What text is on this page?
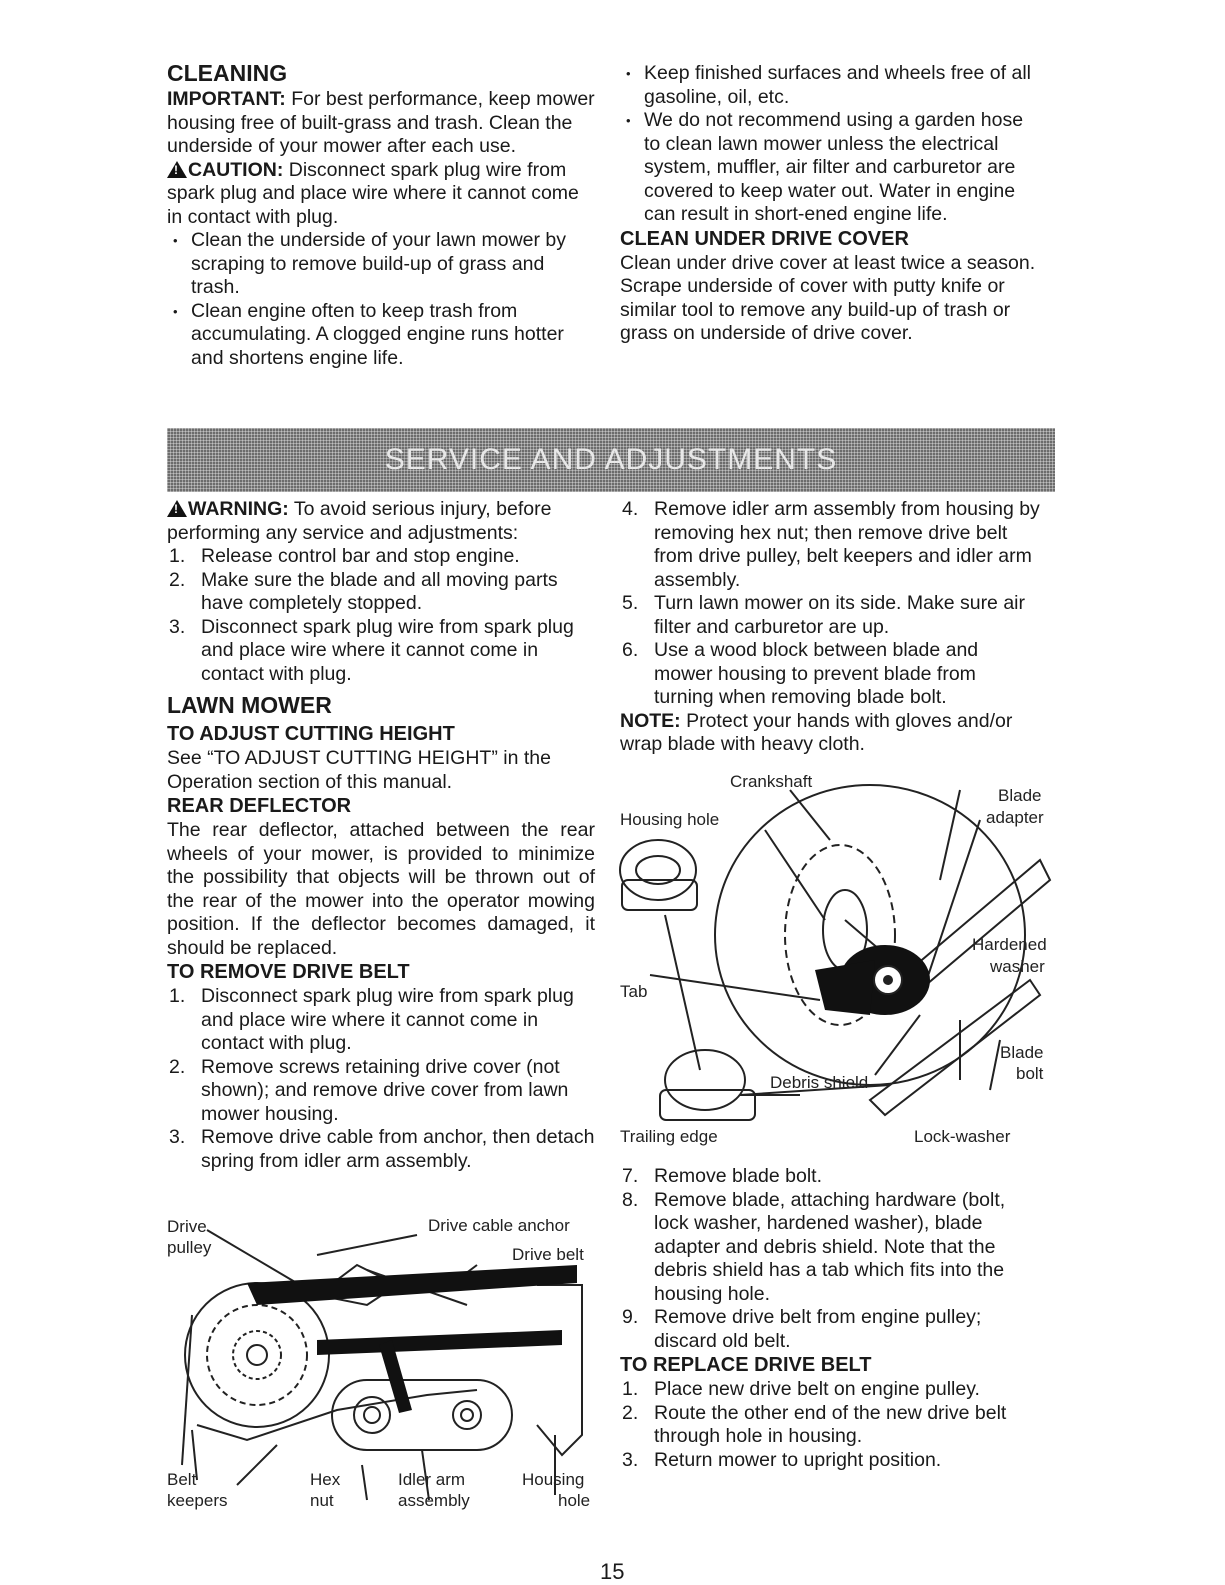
CLEANING

IMPORTANT: For best performance, keep mower housing free of built-grass and trash. Clean the underside of your mower after each use.

!CAUTION: Disconnect spark plug wire from spark plug and place wire where it cannot come in contact with plug.

• Clean the underside of your lawn mower by scraping to remove build-up of grass and trash.

• Clean engine often to keep trash from accumulating. A clogged engine runs hotter and shortens engine life.

• Keep finished surfaces and wheels free of all gasoline, oil, etc.

• We do not recommend using a garden hose to clean lawn mower unless the electrical system, muffler, air filter and carburetor are covered to keep water out. Water in engine can result in short-ened engine life.

CLEAN UNDER DRIVE COVER

Clean under drive cover at least twice a season. Scrape underside of cover with putty knife or similar tool to remove any build-up of trash or grass on underside of drive cover.

SERVICE AND ADJUSTMENTS

!WARNING: To avoid serious injury, before performing any service and adjustments:

1. Release control bar and stop engine.
2. Make sure the blade and all moving parts have completely stopped.
3. Disconnect spark plug wire from spark plug and place wire where it cannot come in contact with plug.

LAWN MOWER

TO ADJUST CUTTING HEIGHT

See “TO ADJUST CUTTING HEIGHT” in the Operation section of this manual.

REAR DEFLECTOR

The rear deflector, attached between the rear wheels of your mower, is provided to minimize the possibility that objects will be thrown out of the rear of the mower into the operator mowing position. If the deflector becomes damaged, it should be replaced.

TO REMOVE DRIVE BELT

1. Disconnect spark plug wire from spark plug and place wire where it cannot come in contact with plug.
2. Remove screws retaining drive cover (not shown); and remove drive cover from lawn mower housing.
3. Remove drive cable from anchor, then detach spring from idler arm assembly.
Drive
pulley
Drive cable anchor
Drive belt
Belt
keepers
Hex
nut
Idler arm
assembly
Housing
hole
4. Remove idler arm assembly from housing by removing hex nut; then remove drive belt from drive pulley, belt keepers and idler arm assembly.
5. Turn lawn mower on its side. Make sure air filter and carburetor are up.
6. Use a wood block between blade and mower housing to prevent blade from turning when removing blade bolt.

NOTE: Protect your hands with gloves and/or wrap blade with heavy cloth.

Crankshaft
Housing hole
Blade
adapter
Hardened
washer
Tab
Blade
bolt
Debris shield
Trailing edge	Lock-washer
7. Remove blade bolt.
8. Remove blade, attaching hardware (bolt, lock washer, hardened washer), blade adapter and debris shield. Note that the debris shield has a tab which fits into the housing hole.
9. Remove drive belt from engine pulley; discard old belt.

TO REPLACE DRIVE BELT

1. Place new drive belt on engine pulley.
2. Route the other end of the new drive belt through hole in housing.
3. Return mower to upright position.
15
